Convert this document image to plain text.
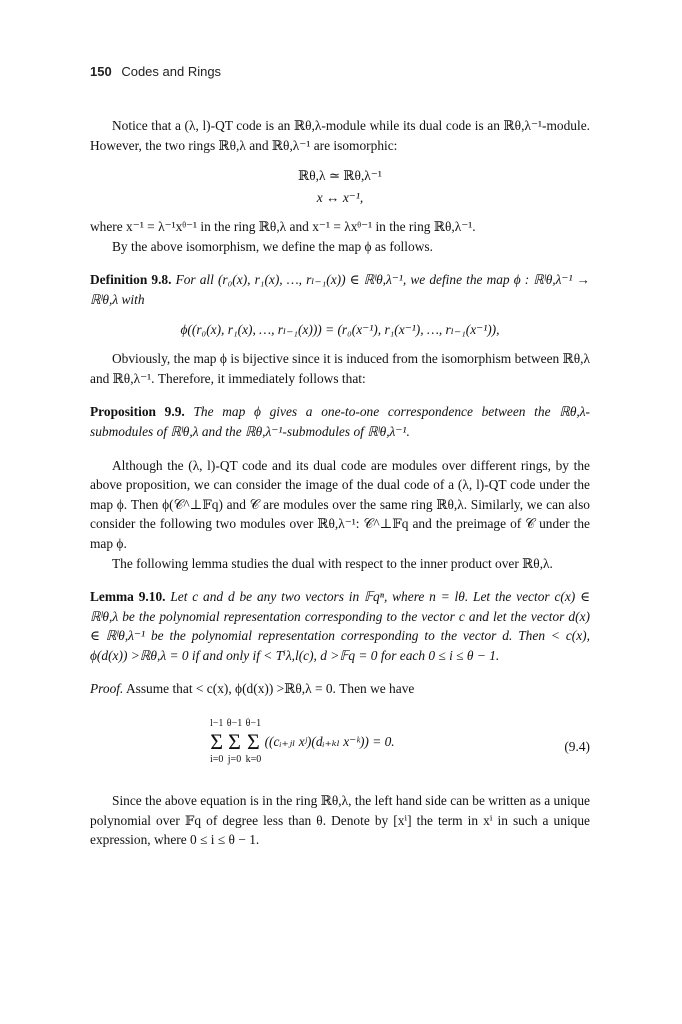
150 Codes and Rings

Notice that a (λ, l)-QT code is an ℝθ,λ-module while its dual code is an ℝθ,λ⁻¹-module. However, the two rings ℝθ,λ and ℝθ,λ⁻¹ are isomorphic:

ℝθ,λ ≃ ℝθ,λ⁻¹
x ↔ x⁻¹,

where x⁻¹ = λ⁻¹xᶿ⁻¹ in the ring ℝθ,λ and x⁻¹ = λxᶿ⁻¹ in the ring ℝθ,λ⁻¹.

By the above isomorphism, we define the map ϕ as follows.

Definition 9.8. For all (r₀(x), r₁(x), …, rₗ₋₁(x)) ∈ ℝˡθ,λ⁻¹, we define the map ϕ : ℝˡθ,λ⁻¹ → ℝˡθ,λ with

ϕ((r₀(x), r₁(x), …, rₗ₋₁(x))) = (r₀(x⁻¹), r₁(x⁻¹), …, rₗ₋₁(x⁻¹)),

Obviously, the map ϕ is bijective since it is induced from the isomorphism between ℝθ,λ and ℝθ,λ⁻¹. Therefore, it immediately follows that:

Proposition 9.9. The map ϕ gives a one-to-one correspondence between the ℝθ,λ-submodules of ℝˡθ,λ and the ℝθ,λ⁻¹-submodules of ℝˡθ,λ⁻¹.

Although the (λ, l)-QT code and its dual code are modules over different rings, by the above proposition, we can consider the image of the dual code of a (λ, l)-QT code under the map ϕ. Then ϕ(𝒞^⊥𝔽q) and 𝒞 are modules over the same ring ℝθ,λ. Similarly, we can also consider the following two modules over ℝθ,λ⁻¹: 𝒞^⊥𝔽q and the preimage of 𝒞 under the map ϕ.

The following lemma studies the dual with respect to the inner product over ℝθ,λ.

Lemma 9.10. Let c and d be any two vectors in 𝔽qⁿ, where n = lθ. Let the vector c(x) ∈ ℝˡθ,λ be the polynomial representation corresponding to the vector c and let the vector d(x) ∈ ℝˡθ,λ⁻¹ be the polynomial representation corresponding to the vector d. Then < c(x), ϕ(d(x)) >ℝθ,λ = 0 if and only if < Tⁱλ,l(c), d >𝔽q = 0 for each 0 ≤ i ≤ θ − 1.

Proof. Assume that < c(x), ϕ(d(x)) >ℝθ,λ = 0. Then we have

l−1
Σ
i=0

θ−1
Σ
j=0

θ−1
Σ
k=0
((cᵢ₊ⱼₗ xʲ)(dᵢ₊ₖₗ x⁻ᵏ)) = 0.	(9.4)

Since the above equation is in the ring ℝθ,λ, the left hand side can be written as a unique polynomial over 𝔽q of degree less than θ. Denote by [xⁱ] the term in xⁱ in such a unique expression, where 0 ≤ i ≤ θ − 1.
